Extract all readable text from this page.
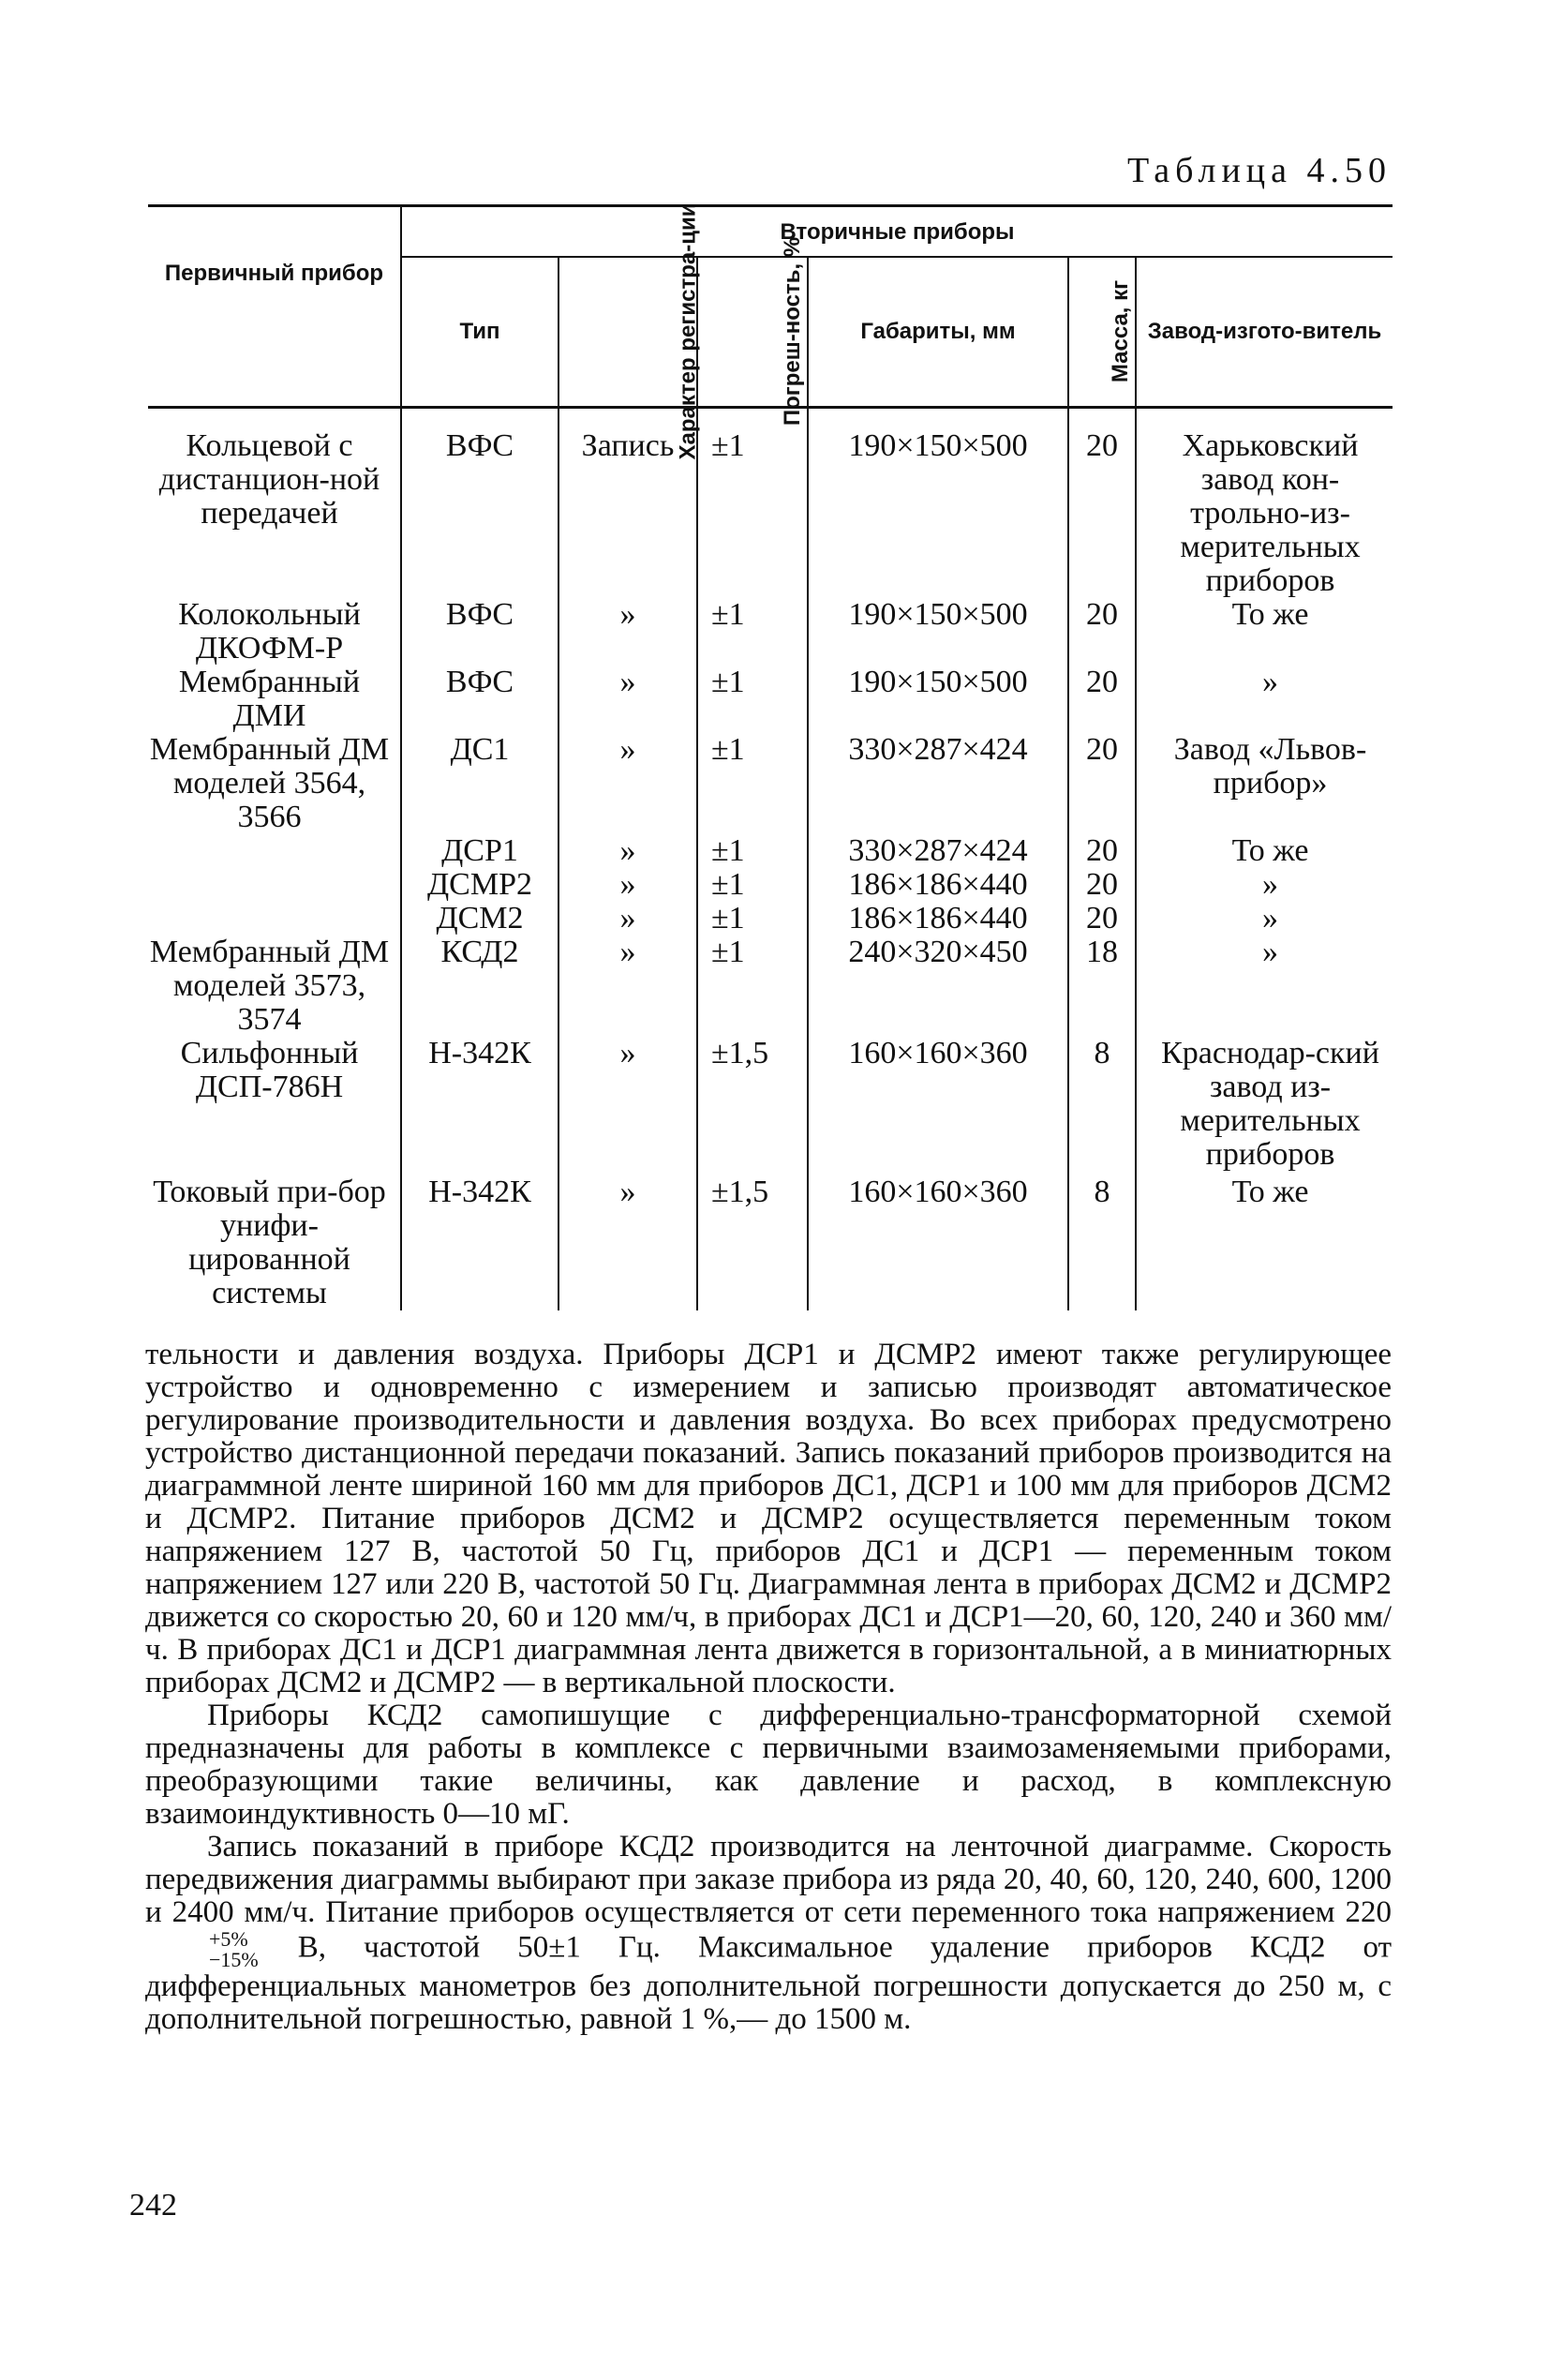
Таблица 4.50
Первичный прибор	Вторичные приборы					
	Тип	Характер регистра-ции	Погреш-ность, %	Габариты, мм	Масса, кг	Завод-изгото-витель
Кольцевой с дистанцион-ной передачей	ВФС	Запись	±1	190×150×500	20	Харьковский завод кон-трольно-из-мерительных приборов
Колокольный ДКОФМ-Р	ВФС	»	±1	190×150×500	20	То же
Мембранный ДМИ	ВФС	»	±1	190×150×500	20	»
Мембранный ДМ моделей 3564, 3566	ДС1	»	±1	330×287×424	20	Завод «Львов-прибор»
	ДСР1	»	±1	330×287×424	20	То же
	ДСМР2	»	±1	186×186×440	20	»
	ДСМ2	»	±1	186×186×440	20	»
Мембранный ДМ моделей 3573, 3574	КСД2	»	±1	240×320×450	18	»
Сильфонный ДСП-786Н	Н-342К	»	±1,5	160×160×360	8	Краснодар-ский завод из-мерительных приборов
Токовый при-бор унифи-цированной системы	Н-342К	»	±1,5	160×160×360	8	То же

тельности и давления воздуха. Приборы ДСР1 и ДСМР2 имеют также регулирующее устройство и одновременно с измерением и записью производят автоматическое регулирование производительности и давления воздуха. Во всех приборах предусмотрено устройство дистанционной передачи показаний. Запись показаний приборов производится на диаграммной ленте шириной 160 мм для приборов ДС1, ДСР1 и 100 мм для приборов ДСМ2 и ДСМР2. Питание приборов ДСМ2 и ДСМР2 осуществляется переменным током напряжением 127 В, частотой 50 Гц, приборов ДС1 и ДСР1 — переменным током напряжением 127 или 220 В, частотой 50 Гц. Диаграммная лента в приборах ДСМ2 и ДСМР2 движется со скоростью 20, 60 и 120 мм/ч, в приборах ДС1 и ДСР1—20, 60, 120, 240 и 360 мм/ч. В приборах ДС1 и ДСР1 диаграммная лента движется в горизонтальной, а в миниатюрных приборах ДСМ2 и ДСМР2 — в вертикальной плоскости.

Приборы КСД2 самопишущие с дифференциально-трансформаторной схемой предназначены для работы в комплексе с первичными взаимозаменяемыми приборами, преобразующими такие величины, как давление и расход, в комплексную взаимоиндуктивность 0—10 мГ.

Запись показаний в приборе КСД2 производится на ленточной диаграмме. Скорость передвижения диаграммы выбирают при заказе прибора из ряда 20, 40, 60, 120, 240, 600, 1200 и 2400 мм/ч. Питание приборов осуществляется от сети переменного тока напряжением 220
+5%
−15% В, частотой 50±1 Гц. Максимальное удаление приборов КСД2 от дифференциальных манометров без дополнительной погрешности допускается до 250 м, с дополнительной погрешностью, равной 1 %,— до 1500 м.

242
